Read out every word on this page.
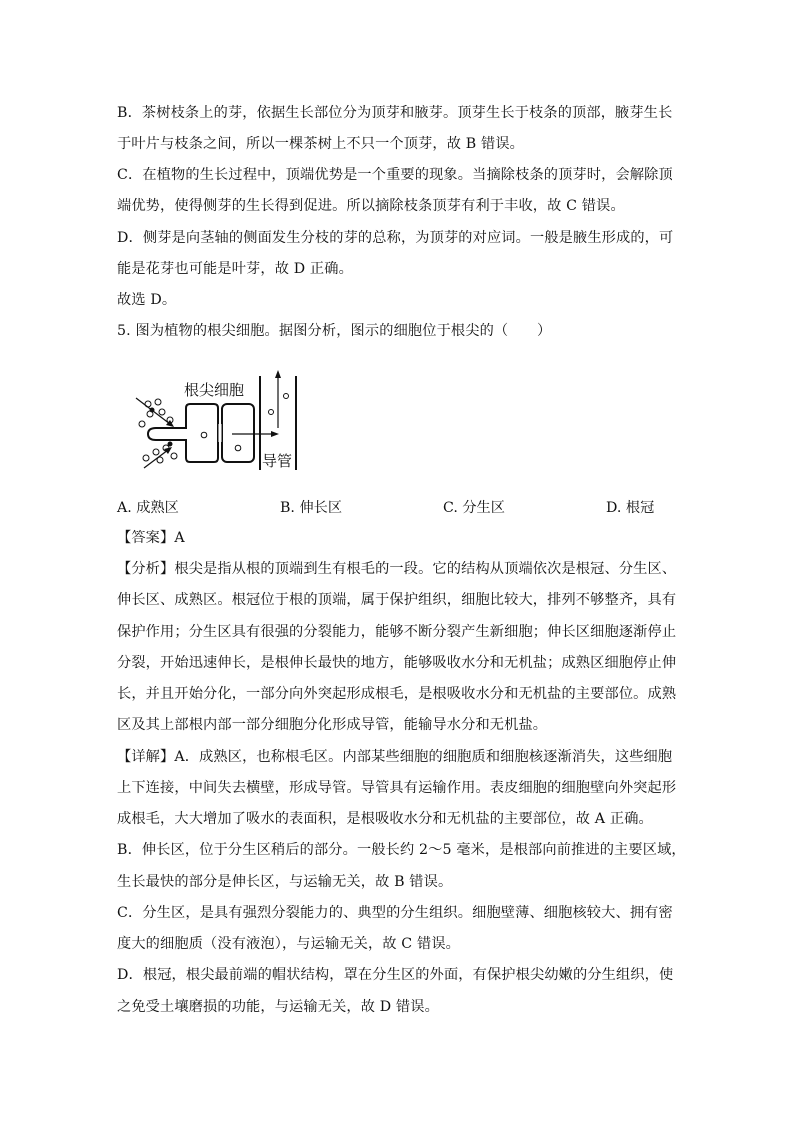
B．茶树枝条上的芽，依据生长部位分为顶芽和腋芽。顶芽生长于枝条的顶部，腋芽生长
于叶片与枝条之间，所以一棵茶树上不只一个顶芽，故 B 错误。
C．在植物的生长过程中，顶端优势是一个重要的现象。当摘除枝条的顶芽时，会解除顶
端优势，使得侧芽的生长得到促进。所以摘除枝条顶芽有利于丰收，故 C 错误。
D．侧芽是向茎轴的侧面发生分枝的芽的总称，为顶芽的对应词。一般是腋生形成的，可
能是花芽也可能是叶芽，故 D 正确。
故选 D。
5. 图为植物的根尖细胞。据图分析，图示的细胞位于根尖的（　　）
根尖细胞
导管
A. 成熟区	B. 伸长区	C. 分生区	D. 根冠
【答案】A
【分析】根尖是指从根的顶端到生有根毛的一段。它的结构从顶端依次是根冠、分生区、
伸长区、成熟区。根冠位于根的顶端，属于保护组织，细胞比较大，排列不够整齐，具有
保护作用；分生区具有很强的分裂能力，能够不断分裂产生新细胞；伸长区细胞逐渐停止
分裂，开始迅速伸长，是根伸长最快的地方，能够吸收水分和无机盐；成熟区细胞停止伸
长，并且开始分化，一部分向外突起形成根毛，是根吸收水分和无机盐的主要部位。成熟
区及其上部根内部一部分细胞分化形成导管，能输导水分和无机盐。
【详解】A．成熟区，也称根毛区。内部某些细胞的细胞质和细胞核逐渐消失，这些细胞
上下连接，中间失去横壁，形成导管。导管具有运输作用。表皮细胞的细胞壁向外突起形
成根毛，大大增加了吸水的表面积，是根吸收水分和无机盐的主要部位，故 A 正确。
B．伸长区，位于分生区稍后的部分。一般长约 2～5 毫米，是根部向前推进的主要区域，
生长最快的部分是伸长区，与运输无关，故 B 错误。
C．分生区，是具有强烈分裂能力的、典型的分生组织。细胞壁薄、细胞核较大、拥有密
度大的细胞质（没有液泡），与运输无关，故 C 错误。
D．根冠，根尖最前端的帽状结构，罩在分生区的外面，有保护根尖幼嫩的分生组织，使
之免受土壤磨损的功能，与运输无关，故 D 错误。
